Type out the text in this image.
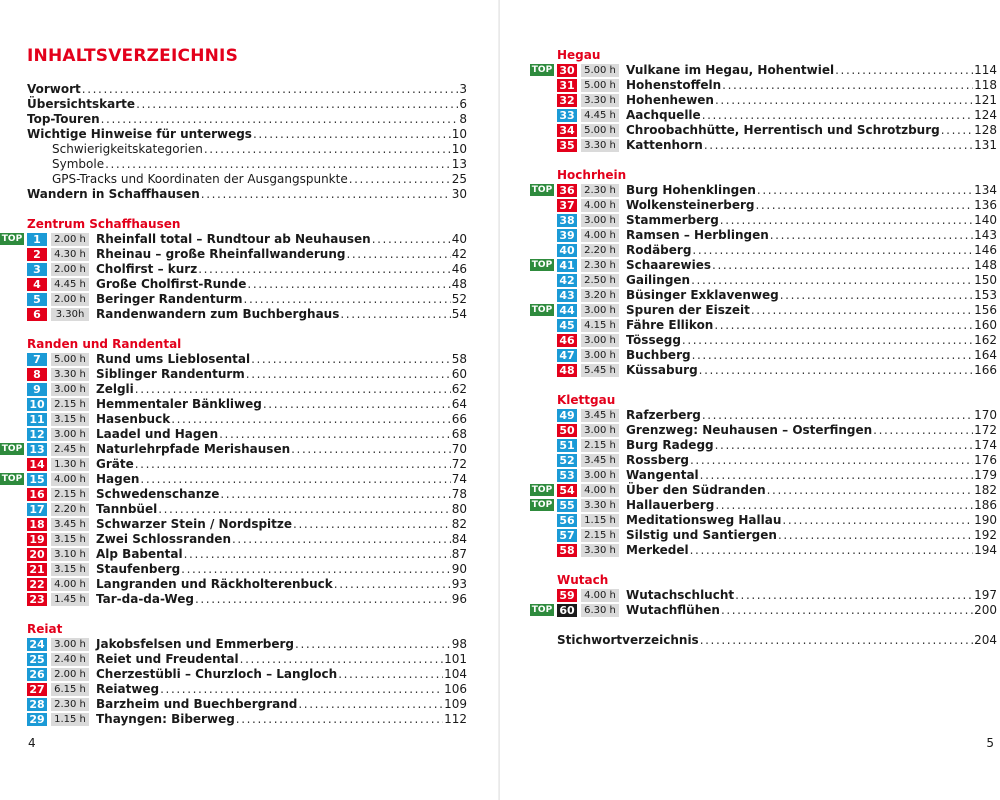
INHALTSVERZEICHNIS
Vorwort .....	3
Übersichtskarte .....	6
Top-Touren .....	8
Wichtige Hinweise für unterwegs .....	10
Schwierigkeitskategorien .....	10
Symbole .....	13
GPS-Tracks und Koordinaten der Ausgangspunkte .....	25
Wandern in Schaffhausen .....	30
Zentrum Schaffhausen
TOP 1	2.00 h Rheinfall total – Rundtour ab Neuhausen .....	40
2	4.30 h Rheinau – große Rheinfallwanderung .....	42
3	2.00 h Cholfirst – kurz .....	46
4	4.45 h Große Cholfirst-Runde .....	48
5	2.00 h Beringer Randenturm .....	52
6	3.30h Randenwandern zum Buchberghaus .....	54
Randen und Randental
7	5.00 h Rund ums Lieblosental .....	58
8	3.30 h Siblinger Randenturm .....	60
9	3.00 h Zelgli .....	62
10 2.15 h Hemmentaler Bänkliweg .....	64
11 3.15 h Hasenbuck .....	66
12 3.00 h Laadel und Hagen .....	68
TOP 13 2.45 h Naturlehrpfade Merishausen .....	70
14 1.30 h Gräte .....	72
TOP 15 4.00 h Hagen .....	74
16 2.15 h Schwedenschanze .....	78
17 2.20 h Tannbüel .....	80
18 3.45 h Schwarzer Stein / Nordspitze .....	82
19 3.15 h Zwei Schlossranden .....	84
20 3.10 h Alp Babental .....	87
21 3.15 h Staufenberg .....	90
22 4.00 h Langranden und Räckholterenbuck .....	93
23 1.45 h Tar-da-da-Weg .....	96
Reiat
24 3.00 h Jakobsfelsen und Emmerberg .....	98
25 2.40 h Reiet und Freudental .....	101
26 2.00 h Cherzestübli – Churzloch – Langloch .....	104
27 6.15 h Reiatweg .....	106
28 2.30 h Barzheim und Buechbergrand .....	109
29 1.15 h Thayngen: Biberweg .....	112
4
Hegau
TOP 30 5.00 h Vulkane im Hegau, Hohentwiel .....	114
31 5.00 h Hohenstoffeln .....	118
32 3.30 h Hohenhewen .....	121
33 4.45 h Aachquelle .....	124
34 5.00 h Chroobachhütte, Herrentisch und Schrotzburg .....	128
35 3.30 h Kattenhorn .....	131
Hochrhein
TOP 36 2.30 h Burg Hohenklingen .....	134
37 4.00 h Wolkensteinerberg .....	136
38 3.00 h Stammerberg .....	140
39 4.00 h Ramsen – Herblingen .....	143
40 2.20 h Rodäberg .....	146
TOP 41 2.30 h Schaarewies .....	148
42 2.50 h Gailingen .....	150
43 3.20 h Büsinger Exklavenweg .....	153
TOP 44 3.00 h Spuren der Eiszeit .....	156
45 4.15 h Fähre Ellikon .....	160
46 3.00 h Tössegg .....	162
47 3.00 h Buchberg .....	164
48 5.45 h Küssaburg .....	166
Klettgau
49 3.45 h Rafzerberg .....	170
50 3.00 h Grenzweg: Neuhausen – Osterfingen .....	172
51 2.15 h Burg Radegg .....	174
52 3.45 h Rossberg .....	176
53 3.00 h Wangental .....	179
TOP 54 4.00 h Über den Südranden .....	182
TOP 55 3.30 h Hallauerberg .....	186
56 1.15 h Meditationsweg Hallau .....	190
57 2.15 h Silstig und Santiergen .....	192
58 3.30 h Merkedel .....	194
Wutach
59 4.00 h Wutachschlucht .....	197
TOP 60 6.30 h Wutachflühen .....	200
Stichwortverzeichnis .....	204
5
